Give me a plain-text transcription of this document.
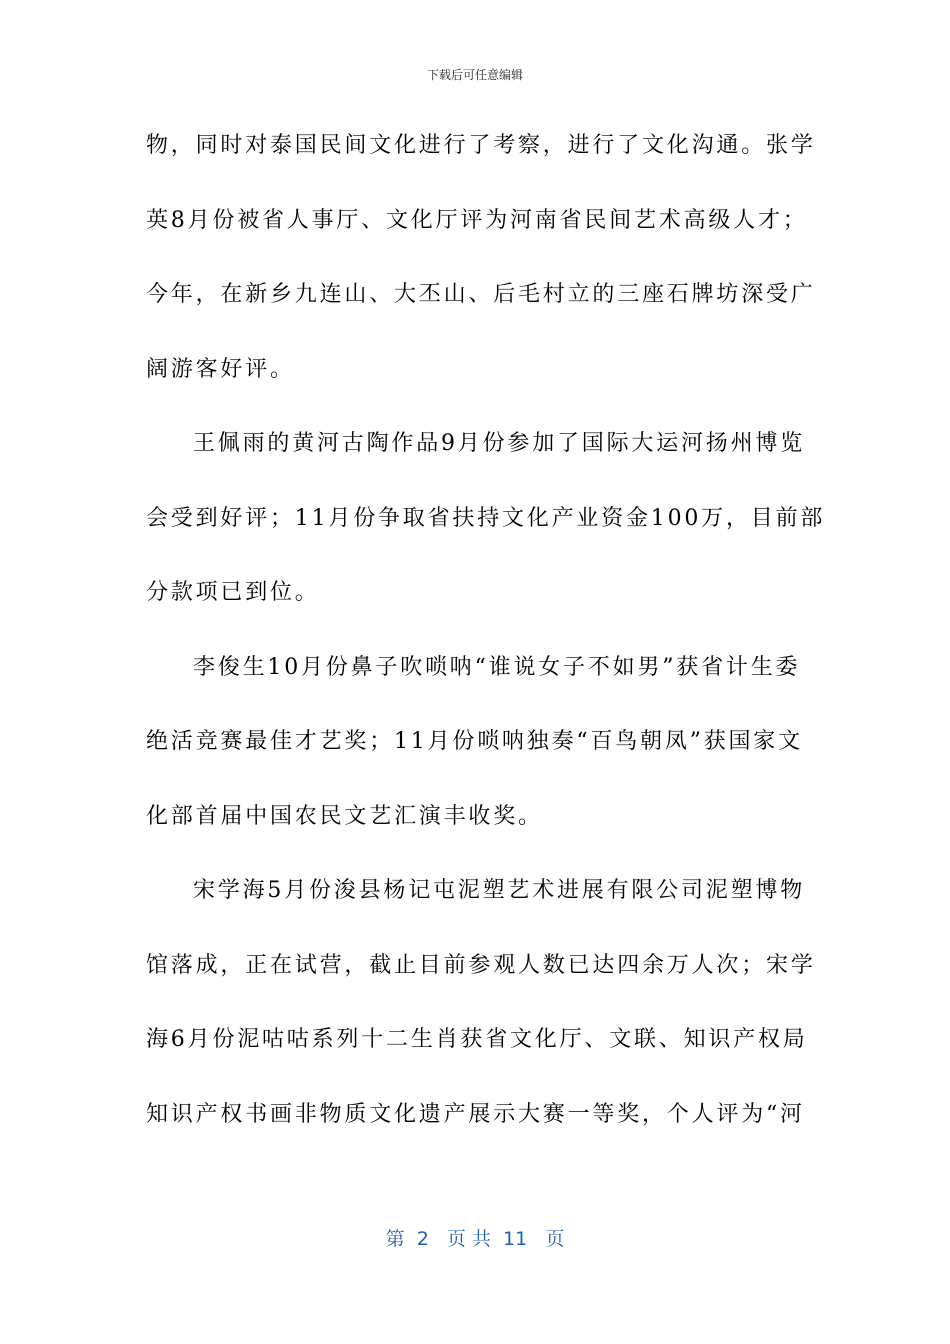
下载后可任意编辑
物，同时对泰国民间文化进行了考察，进行了文化沟通。张学
英8月份被省人事厅、文化厅评为河南省民间艺术高级人才；
今年，在新乡九连山、大丕山、后毛村立的三座石牌坊深受广
阔游客好评。
王佩雨的黄河古陶作品9月份参加了国际大运河扬州博览
会受到好评；11月份争取省扶持文化产业资金100万，目前部
分款项已到位。
李俊生10月份鼻子吹唢呐“谁说女子不如男”获省计生委
绝活竞赛最佳才艺奖；11月份唢呐独奏“百鸟朝凤”获国家文
化部首届中国农民文艺汇演丰收奖。
宋学海5月份浚县杨记屯泥塑艺术进展有限公司泥塑博物
馆落成，正在试营，截止目前参观人数已达四余万人次；宋学
海6月份泥咕咕系列十二生肖获省文化厅、文联、知识产权局
知识产权书画非物质文化遗产展示大赛一等奖，个人评为“河
第  2   页 共  11   页
